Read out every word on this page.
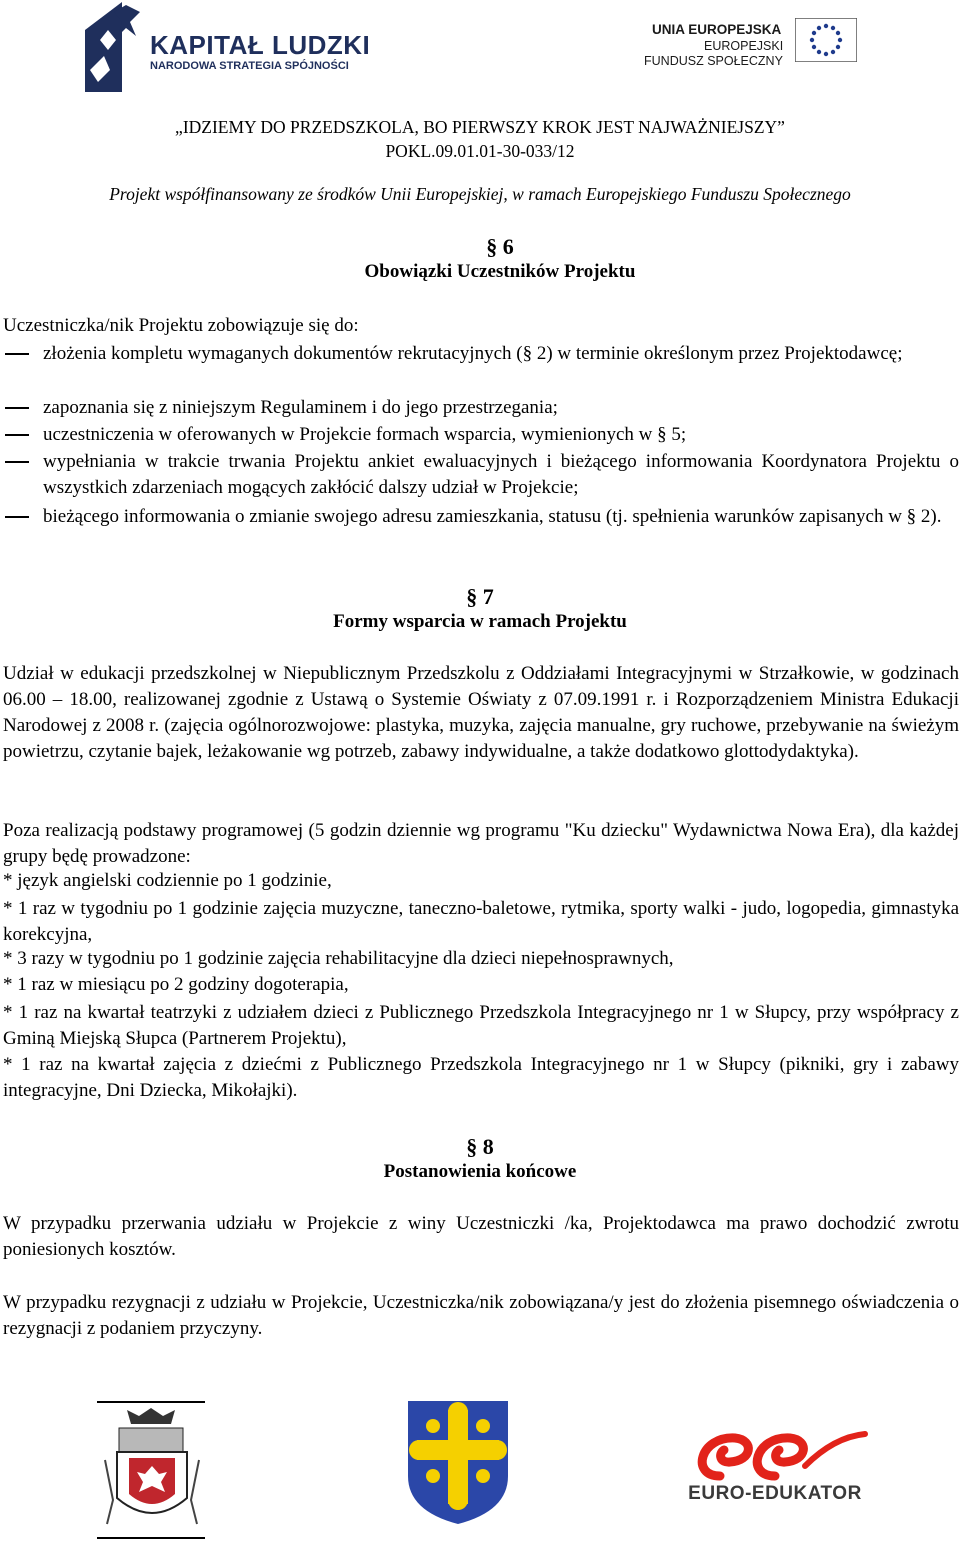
KAPITAŁ LUDZKI
NARODOWA STRATEGIA SPÓJNOŚCI
UNIA EUROPEJSKA
EUROPEJSKI
FUNDUSZ SPOŁECZNY
„IDZIEMY DO PRZEDSZKOLA, BO PIERWSZY KROK JEST NAJWAŻNIEJSZY”
POKL.09.01.01-30-033/12
Projekt współfinansowany ze środków Unii Europejskiej, w ramach Europejskiego Funduszu Społecznego
§ 6
Obowiązki Uczestników Projektu
Uczestniczka/nik Projektu zobowiązuje się do:
złożenia kompletu wymaganych dokumentów rekrutacyjnych (§ 2) w terminie określonym przez Projektodawcę;
zapoznania się z niniejszym Regulaminem i do jego przestrzegania;
uczestniczenia w oferowanych w Projekcie formach wsparcia, wymienionych w § 5;
wypełniania w trakcie trwania Projektu ankiet ewaluacyjnych i bieżącego informowania Koordynatora Projektu o wszystkich zdarzeniach mogących zakłócić dalszy udział w Projekcie;
bieżącego informowania o zmianie swojego adresu zamieszkania, statusu (tj. spełnienia warunków zapisanych w § 2).
§ 7
Formy wsparcia w ramach Projektu
Udział w edukacji przedszkolnej w Niepublicznym Przedszkolu z Oddziałami Integracyjnymi w Strzałkowie, w godzinach 06.00 – 18.00, realizowanej zgodnie z Ustawą o Systemie Oświaty z 07.09.1991 r. i Rozporządzeniem Ministra Edukacji Narodowej z 2008 r. (zajęcia ogólnorozwojowe: plastyka, muzyka, zajęcia manualne, gry ruchowe, przebywanie na świeżym powietrzu, czytanie bajek, leżakowanie wg potrzeb, zabawy indywidualne, a także dodatkowo glottodydaktyka).
Poza realizacją podstawy programowej (5 godzin dziennie wg programu "Ku dziecku" Wydawnictwa Nowa Era), dla każdej grupy będę prowadzone:
* język angielski codziennie po 1 godzinie,
* 1 raz w tygodniu po 1 godzinie zajęcia muzyczne, taneczno-baletowe, rytmika, sporty walki - judo, logopedia, gimnastyka korekcyjna,
* 3 razy w tygodniu po 1 godzinie zajęcia rehabilitacyjne dla dzieci niepełnosprawnych,
* 1 raz w miesiącu po 2 godziny dogoterapia,
* 1 raz na kwartał teatrzyki z udziałem dzieci z Publicznego Przedszkola Integracyjnego nr 1 w Słupcy, przy współpracy z Gminą Miejską Słupca (Partnerem Projektu),
* 1 raz na kwartał zajęcia z dziećmi z Publicznego Przedszkola Integracyjnego nr 1 w Słupcy (pikniki, gry i zabawy integracyjne, Dni Dziecka, Mikołajki).
§ 8
Postanowienia końcowe
W przypadku przerwania udziału w Projekcie z winy Uczestniczki /ka, Projektodawca ma prawo dochodzić zwrotu poniesionych kosztów.
W przypadku rezygnacji z udziału w Projekcie, Uczestniczka/nik zobowiązana/y jest do złożenia pisemnego oświadczenia o rezygnacji z podaniem przyczyny.
EURO-EDUKATOR
